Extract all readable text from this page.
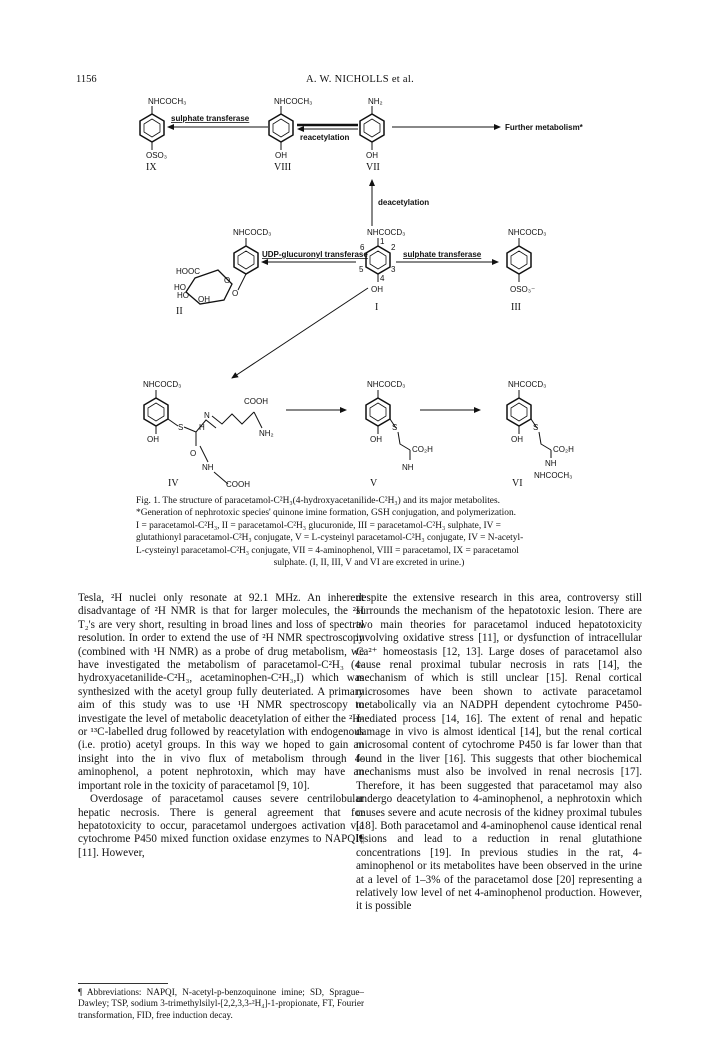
1156	A. W. NICHOLLS et al.
NHCOCH₃
OSO₃
IX
sulphate transferase
NHCOCH₃
OH
VIII
reacetylation
NH₂
OH
VII
Further metabolism*
deacetylation
NHCOCD₃
O
O
HOOC
HO
HO OH
II
UDP-glucuronyl transferase
NHCOCD₃
6	2
5	3
4
1
OH
I
sulphate transferase
NHCOCD₃
OSO₃⁻
III
NHCOCD₃
OH
S
N
H
COOH
NH₂
O
NH
COOH
IV
NHCOCD₃
OH
S
CO₂H
NH
V
NHCOCD₃
OH
S
CO₂H
NH
NHCOCH₃
VI
Fig. 1. The structure of paracetamol-C²H₃(4-hydroxyacetanilide-C²H₃) and its major metabolites.
*Generation of nephrotoxic species' quinone imine formation, GSH conjugation, and polymerization.
I = paracetamol-C²H₃, II = paracetamol-C²H₃ glucuronide, III = paracetamol-C²H₃ sulphate, IV =
glutathionyl paracetamol-C²H₃ conjugate, V = L-cysteinyl paracetamol-C²H₃ conjugate, IV = N-acetyl-
L-cysteinyl paracetamol-C²H₃ conjugate, VII = 4-aminophenol, VIII = paracetamol, IX = paracetamol
sulphate. (I, II, III, V and VI are excreted in urine.)

Tesla, ²H nuclei only resonate at 92.1 MHz. An inherent disadvantage of ²H NMR is that for larger molecules, the ²H T₂'s are very short, resulting in broad lines and loss of spectral resolution. In order to extend the use of ²H NMR spectroscopy (combined with ¹H NMR) as a probe of drug metabolism, we have investigated the metabolism of paracetamol-C²H₃ (4-hydroxyacetanilide-C²H₃, acetaminophen-C²H₃,I) which was synthesized with the acetyl group fully deuteriated. A primary aim of this study was to use ¹H NMR spectroscopy to investigate the level of metabolic deacetylation of either the ²H- or ¹³C-labelled drug followed by reacetylation with endogenous (i.e. protio) acetyl groups. In this way we hoped to gain an insight into the in vivo flux of metabolism through 4-aminophenol, a potent nephrotoxin, which may have an important role in the toxicity of paracetamol [9, 10].

Overdosage of paracetamol causes severe centrilobular hepatic necrosis. There is general agreement that for hepatotoxicity to occur, paracetamol undergoes activation via cytochrome P450 mixed function oxidase enzymes to NAPQI¶ [11]. However,

¶ Abbreviations: NAPQI, N-acetyl-p-benzoquinone imine; SD, Sprague–Dawley; TSP, sodium 3-trimethylsilyl-[2,2,3,3-²H₄]-1-propionate, FT, Fourier transformation, FID, free induction decay.

despite the extensive research in this area, controversy still surrounds the mechanism of the hepatotoxic lesion. There are two main theories for paracetamol induced hepatotoxicity involving oxidative stress [11], or dysfunction of intracellular Ca²⁺ homeostasis [12, 13]. Large doses of paracetamol also cause renal proximal tubular necrosis in rats [14], the mechanism of which is still unclear [15]. Renal cortical microsomes have been shown to activate paracetamol metabolically via an NADPH dependent cytochrome P450-mediated process [14, 16]. The extent of renal and hepatic damage in vivo is almost identical [14], but the renal cortical microsomal content of cytochrome P450 is far lower than that found in the liver [16]. This suggests that other biochemical mechanisms must also be involved in renal necrosis [17]. Therefore, it has been suggested that paracetamol may also undergo deacetylation to 4-aminophenol, a nephrotoxin which causes severe and acute necrosis of the kidney proximal tubules [18]. Both paracetamol and 4-aminophenol cause identical renal lesions and lead to a reduction in renal glutathione concentrations [19]. In previous studies in the rat, 4-aminophenol or its metabolites have been observed in the urine at a level of 1–3% of the paracetamol dose [20] representing a relatively low level of net 4-aminophenol production. However, it is possible
